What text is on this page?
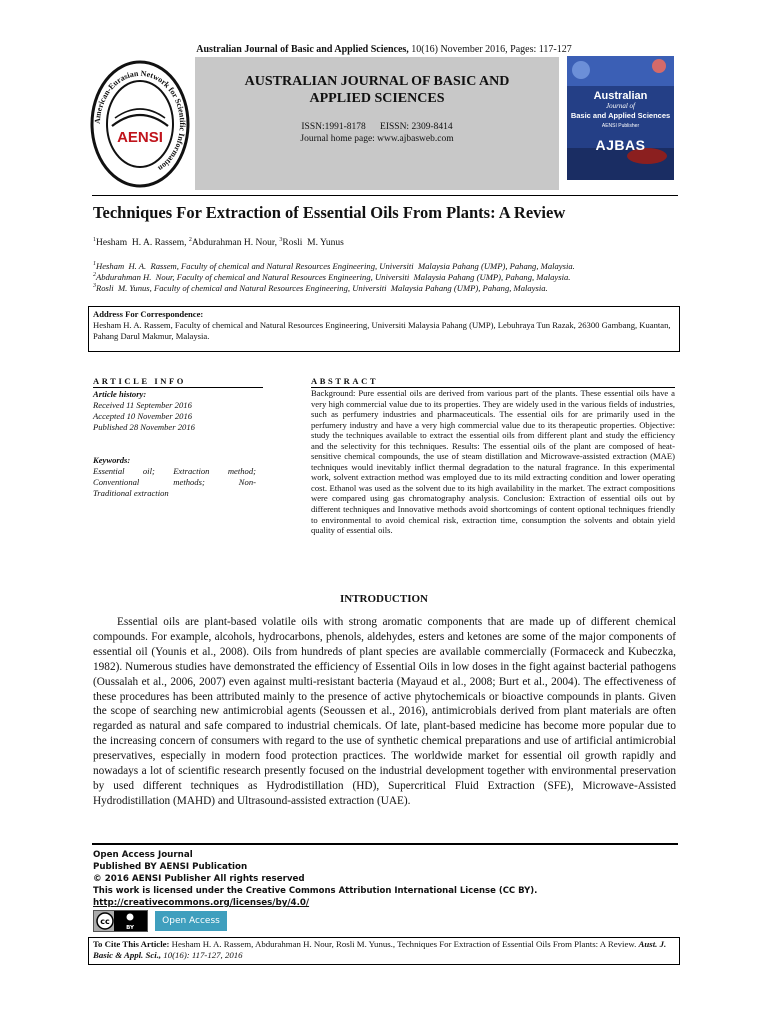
Australian Journal of Basic and Applied Sciences, 10(16) November 2016, Pages: 117-127
American-Eurasian Network for Scientific Information
AENSI
AUSTRALIAN JOURNAL OF BASIC AND
APPLIED SCIENCES
ISSN:1991-8178      EISSN: 2309-8414
Journal home page: www.ajbasweb.com
Australian
Journal of
Basic and Applied Sciences
AENSI Publisher
AJBAS
Techniques For Extraction of Essential Oils From Plants: A Review
$^1$Hesham  H. A. Rassem, $^2$Abdurahman H. Nour, $^3$Rosli  M. Yunus
$^1$Hesham  H. A.  Rassem, Faculty of chemical and Natural Resources Engineering, Universiti  Malaysia Pahang (UMP), Pahang, Malaysia.
$^2$Abdurahman H.  Nour, Faculty of chemical and Natural Resources Engineering, Universiti  Malaysia Pahang (UMP), Pahang, Malaysia.
$^3$Rosli  M. Yunus, Faculty of chemical and Natural Resources Engineering, Universiti  Malaysia Pahang (UMP), Pahang, Malaysia.
Address For Correspondence:
Hesham H. A. Rassem, Faculty of chemical and Natural Resources Engineering, Universiti Malaysia Pahang (UMP), Lebuhraya Tun Razak, 26300 Gambang, Kuantan, Pahang Darul Makmur, Malaysia.
ARTICLE INFO	ABSTRACT
Article history:
Received 11 September 2016
Accepted 10 November 2016
Published 28 November 2016
Keywords:
Essential oil; Extraction method;
Conventional methods; Non-
Traditional extraction
Background: Pure essential oils are derived from various part of the plants. These essential oils have a very high commercial value due to its properties. They are widely used in the various fields of industries, such as perfumery industries and pharmaceuticals. The essential oils for are primarily used in the perfumery industry and have a very high commercial value due to its therapeutic properties. Objective: study the techniques available to extract the essential oils from different plant and study the efficiency and the selectivity for this techniques. Results: The essential oils of the plant are composed of heat-sensitive chemical compounds, the use of steam distillation and Microwave-assisted extraction (MAE) techniques would inevitably inflict thermal degradation to the natural fragrance. In this experimental work, solvent extraction method was employed due to its mild extracting condition and lower operating cost. Ethanol was used as the solvent due to its high availability in the market. The extract compositions were compared using gas chromatography analysis. Conclusion: Extraction of essential oils out by different techniques and Innovative methods avoid shortcomings of content optional techniques friendly to environmental to avoid chemical risk, extraction time, consumption the solvents and obtain yield quality of essential oils.
INTRODUCTION

Essential oils are plant-based volatile oils with strong aromatic components that are made up of different chemical compounds. For example, alcohols, hydrocarbons, phenols, aldehydes, esters and ketones are some of the major components of essential oil (Younis et al., 2008). Oils from hundreds of plant species are available commercially (Formaceck and Kubeczka, 1982). Numerous studies have demonstrated the efficiency of Essential Oils in low doses in the fight against bacterial pathogens (Oussalah et al., 2006, 2007) even against multi-resistant bacteria (Mayaud et al., 2008; Burt et al., 2004). The effectiveness of these procedures has been attributed mainly to the presence of active phytochemicals or bioactive compounds in plants. Given the scope of searching new antimicrobial agents (Seoussen et al., 2016), antimicrobials derived from plant materials are often regarded as natural and safe compared to industrial chemicals. Of late, plant-based medicine has become more popular due to the increasing concern of consumers with regard to the use of synthetic chemical preparations and use of artificial antimicrobial preservatives, especially in modern food protection practices. The worldwide market for essential oil growth rapidly and nowadays a lot of scientific research presently focused on the industrial development together with environmental preservation by used different techniques as Hydrodistillation (HD), Supercritical Fluid Extraction (SFE), Microwave-Assisted Hydrodistillation (MAHD) and Ultrasound-assisted extraction (UAE).

Open Access Journal
Published BY AENSI Publication
© 2016 AENSI Publisher All rights reserved
This work is licensed under the Creative Commons Attribution International License (CC BY).
http://creativecommons.org/licenses/by/4.0/
cc
BY
Open Access
To Cite This Article: Hesham H. A. Rassem, Abdurahman H. Nour, Rosli M. Yunus., Techniques For Extraction of Essential Oils From Plants: A Review. Aust. J. Basic & Appl. Sci., 10(16): 117-127, 2016
